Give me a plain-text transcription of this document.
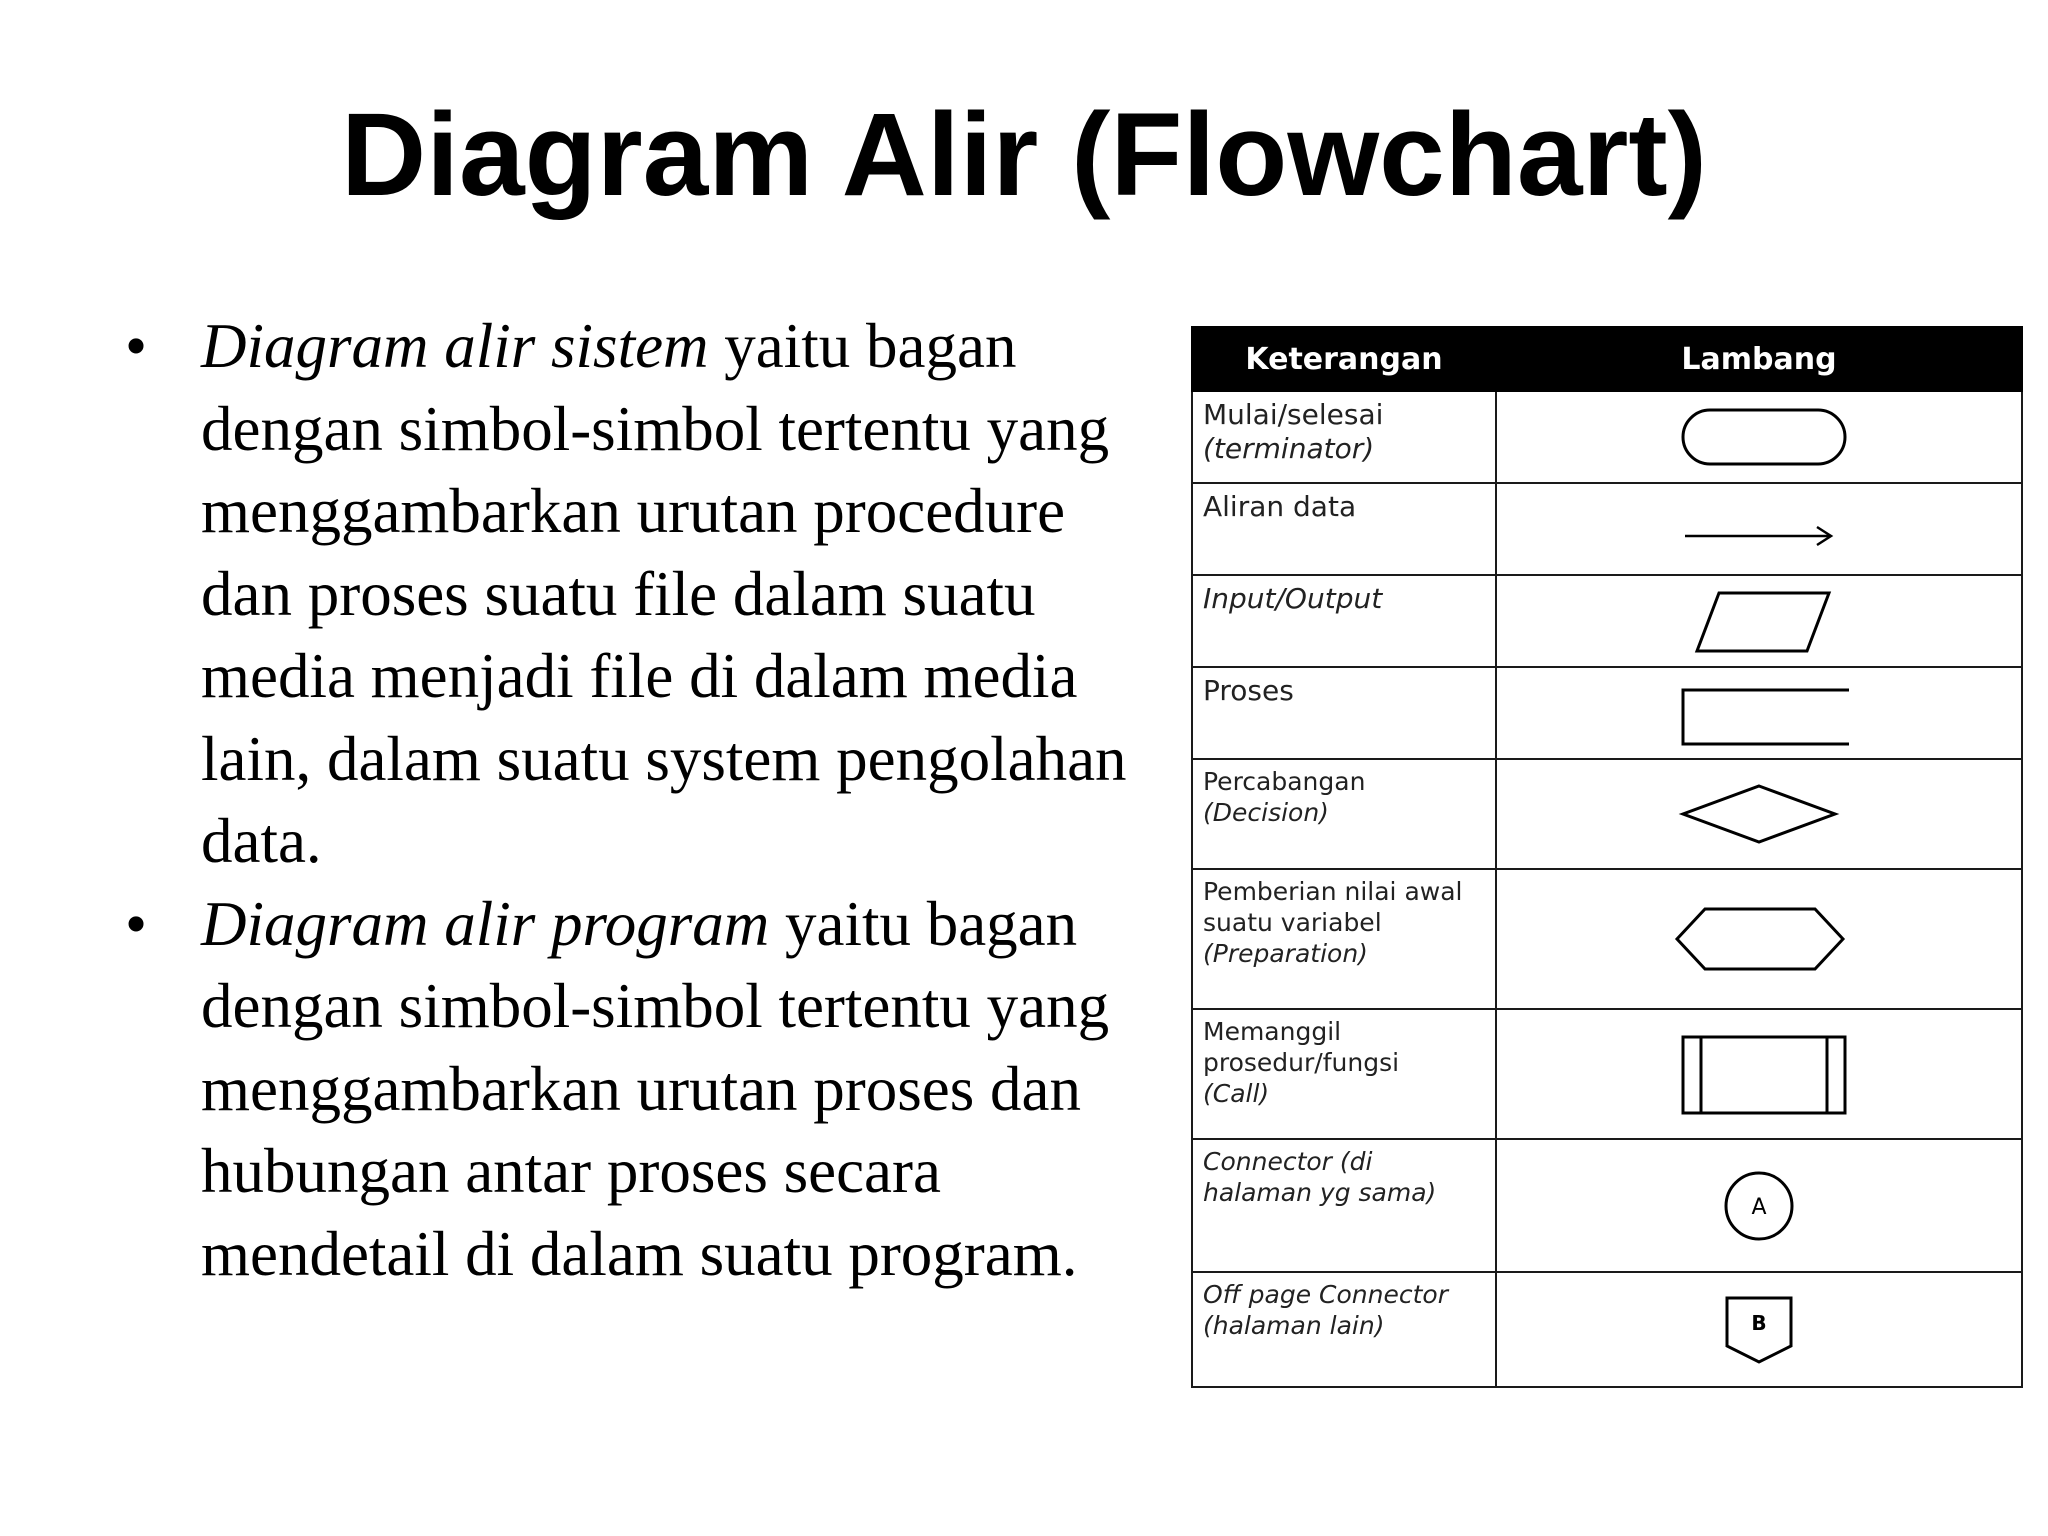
Diagram Alir (Flowchart)
• Diagram alir sistem yaitu bagan dengan simbol-simbol tertentu yang menggambarkan urutan procedure dan proses suatu file dalam suatu media menjadi file di dalam media lain, dalam suatu system pengolahan data.
• Diagram alir program yaitu bagan dengan simbol-simbol tertentu yang menggambarkan urutan proses dan hubungan antar proses secara mendetail di dalam suatu program.
Keterangan	Lambang

Mulai/selesai
(terminator)

Aliran data

Input/Output

Proses

Percabangan
(Decision)

Pemberian nilai awal
suatu variabel
(Preparation)

Memanggil
prosedur/fungsi
(Call)

Connector (di
halaman yg sama)	A

Off page Connector
(halaman lain)	B
